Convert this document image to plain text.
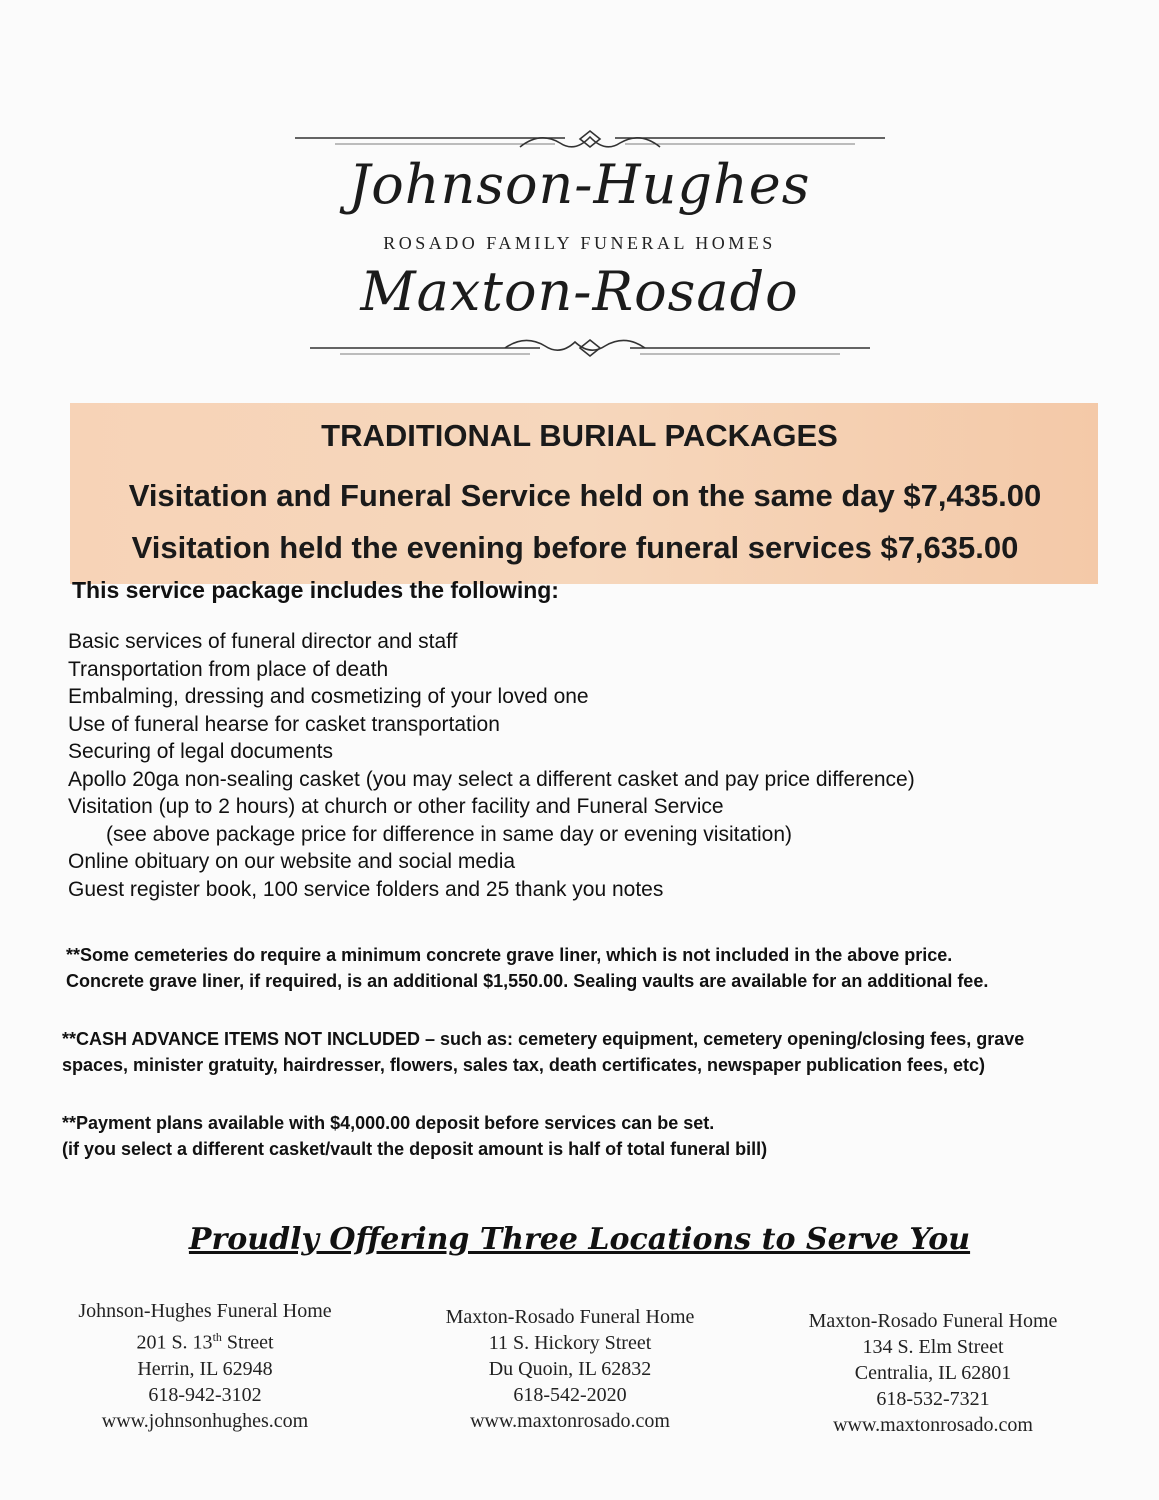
Johnson-Hughes
ROSADO FAMILY FUNERAL HOMES
Maxton-Rosado
TRADITIONAL BURIAL PACKAGES
Visitation and Funeral Service held on the same day $7,435.00
Visitation held the evening before funeral services $7,635.00
This service package includes the following:
Basic services of funeral director and staff
Transportation from place of death
Embalming, dressing and cosmetizing of your loved one
Use of funeral hearse for casket transportation
Securing of legal documents
Apollo 20ga non-sealing casket (you may select a different casket and pay price difference)
Visitation (up to 2 hours) at church or other facility and Funeral Service
(see above package price for difference in same day or evening visitation)
Online obituary on our website and social media
Guest register book, 100 service folders and 25 thank you notes
**Some cemeteries do require a minimum concrete grave liner, which is not included in the above price.
Concrete grave liner, if required, is an additional $1,550.00. Sealing vaults are available for an additional fee.
**CASH ADVANCE ITEMS NOT INCLUDED – such as: cemetery equipment, cemetery opening/closing fees, grave
spaces, minister gratuity, hairdresser, flowers, sales tax, death certificates, newspaper publication fees, etc)
**Payment plans available with $4,000.00 deposit before services can be set.
(if you select a different casket/vault the deposit amount is half of total funeral bill)
Proudly Offering Three Locations to Serve You
Johnson-Hughes Funeral Home
201 S. 13th Street
Herrin, IL 62948
618-942-3102
www.johnsonhughes.com
Maxton-Rosado Funeral Home
11 S. Hickory Street
Du Quoin, IL 62832
618-542-2020
www.maxtonrosado.com
Maxton-Rosado Funeral Home
134 S. Elm Street
Centralia, IL 62801
618-532-7321
www.maxtonrosado.com
